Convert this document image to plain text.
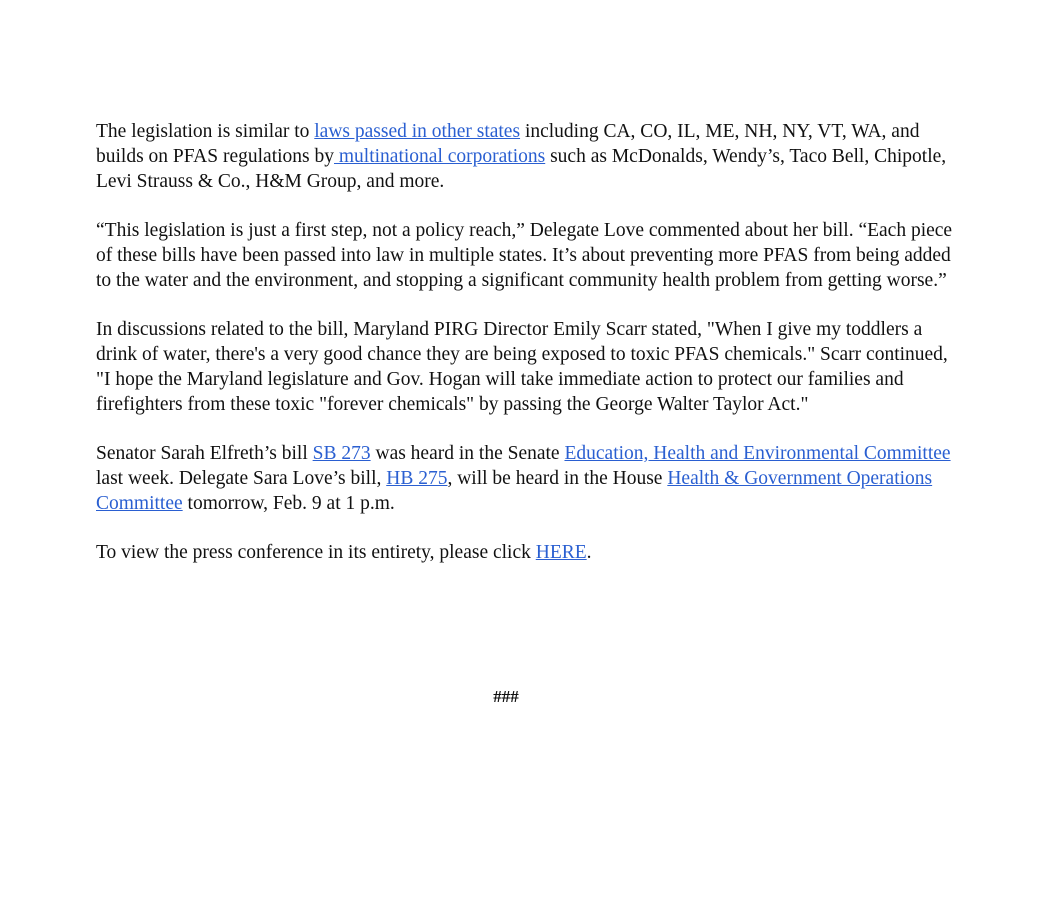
The legislation is similar to laws passed in other states including CA, CO, IL, ME, NH, NY, VT, WA, and builds on PFAS regulations by multinational corporations such as McDonalds, Wendy’s, Taco Bell, Chipotle, Levi Strauss & Co., H&M Group, and more.

“This legislation is just a first step, not a policy reach,” Delegate Love commented about her bill. “Each piece of these bills have been passed into law in multiple states. It’s about preventing more PFAS from being added to the water and the environment, and stopping a significant community health problem from getting worse.”

In discussions related to the bill, Maryland PIRG Director Emily Scarr stated, "When I give my toddlers a drink of water, there's a very good chance they are being exposed to toxic PFAS chemicals." Scarr continued, "I hope the Maryland legislature and Gov. Hogan will take immediate action to protect our families and firefighters from these toxic "forever chemicals" by passing the George Walter Taylor Act."

Senator Sarah Elfreth’s bill SB 273 was heard in the Senate Education, Health and Environmental Committee last week. Delegate Sara Love’s bill, HB 275, will be heard in the House Health & Government Operations Committee tomorrow, Feb. 9 at 1 p.m.

To view the press conference in its entirety, please click HERE.

###
